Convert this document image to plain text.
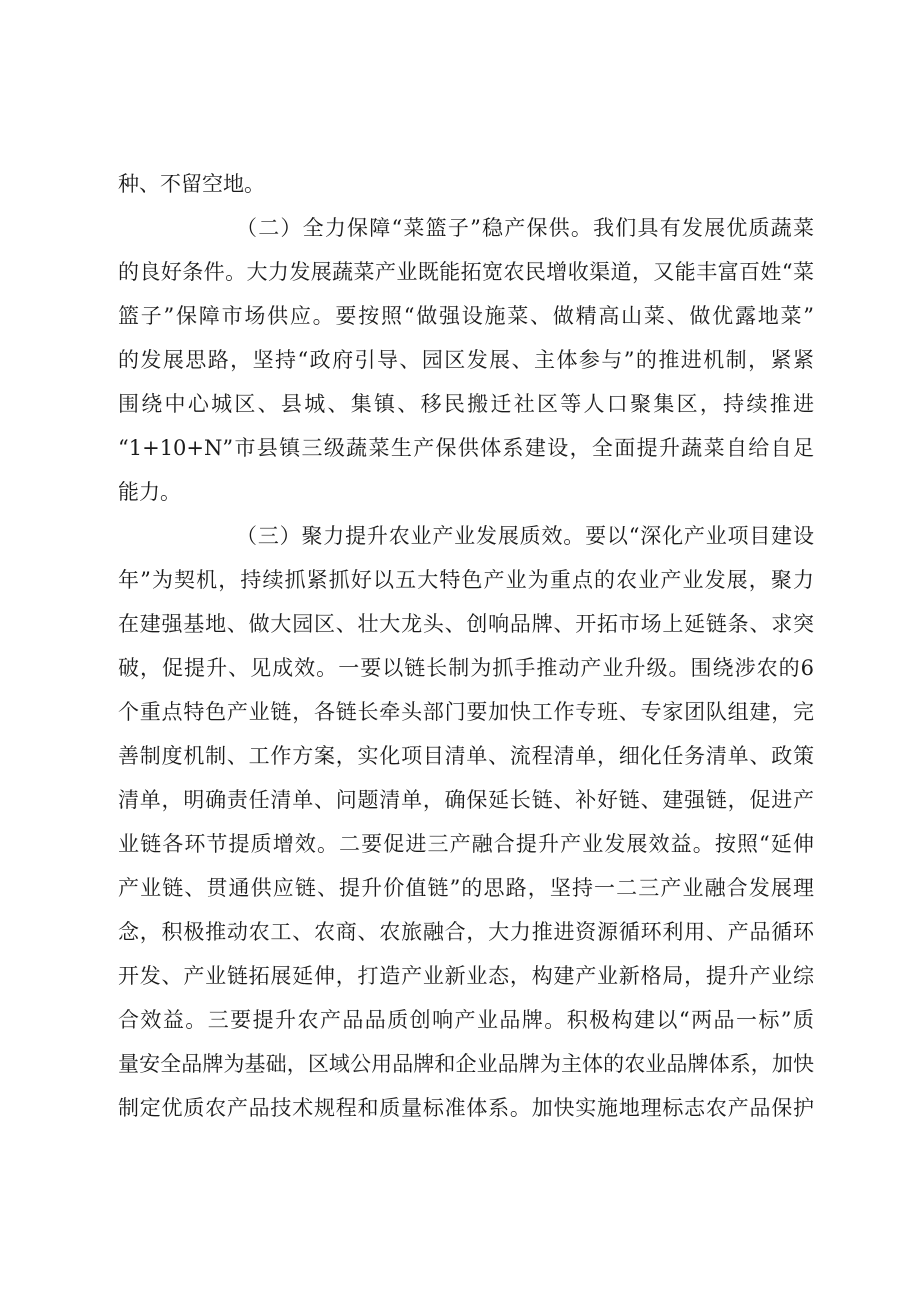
种、不留空地。
（二）全力保障“菜篮子”稳产保供。我们具有发展优质蔬菜
的良好条件。大力发展蔬菜产业既能拓宽农民增收渠道，又能丰富百姓“菜
篮子”保障市场供应。要按照“做强设施菜、做精高山菜、做优露地菜”
的发展思路，坚持“政府引导、园区发展、主体参与”的推进机制，紧紧
围绕中心城区、县城、集镇、移民搬迁社区等人口聚集区，持续推进
“1+10+N”市县镇三级蔬菜生产保供体系建设，全面提升蔬菜自给自足
能力。
（三）聚力提升农业产业发展质效。要以“深化产业项目建设
年”为契机，持续抓紧抓好以五大特色产业为重点的农业产业发展，聚力
在建强基地、做大园区、壮大龙头、创响品牌、开拓市场上延链条、求突
破，促提升、见成效。一要以链长制为抓手推动产业升级。围绕涉农的6
个重点特色产业链，各链长牵头部门要加快工作专班、专家团队组建，完
善制度机制、工作方案，实化项目清单、流程清单，细化任务清单、政策
清单，明确责任清单、问题清单，确保延长链、补好链、建强链，促进产
业链各环节提质增效。二要促进三产融合提升产业发展效益。按照“延伸
产业链、贯通供应链、提升价值链”的思路，坚持一二三产业融合发展理
念，积极推动农工、农商、农旅融合，大力推进资源循环利用、产品循环
开发、产业链拓展延伸，打造产业新业态，构建产业新格局，提升产业综
合效益。三要提升农产品品质创响产业品牌。积极构建以“两品一标”质
量安全品牌为基础，区域公用品牌和企业品牌为主体的农业品牌体系，加快
制定优质农产品技术规程和质量标准体系。加快实施地理标志农产品保护
